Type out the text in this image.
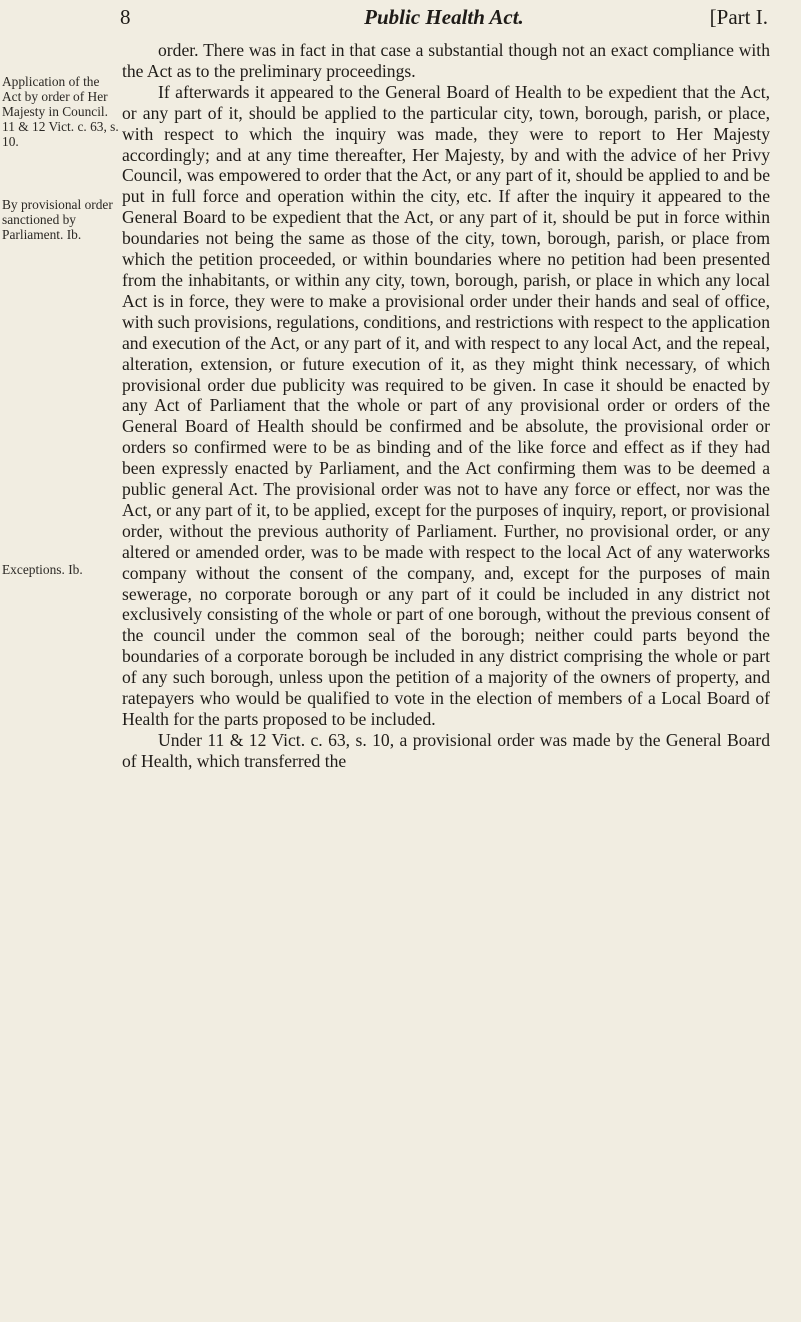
8	Public Health Act.	[Part I.
Application of the Act by order of Her Majesty in Council. 11 & 12 Vict. c. 63, s. 10.
By provisional order sanctioned by Parliament. Ib.
Exceptions. Ib.

order. There was in fact in that case a substantial though not an exact compliance with the Act as to the preliminary proceedings.

If afterwards it appeared to the General Board of Health to be expedient that the Act, or any part of it, should be applied to the particular city, town, borough, parish, or place, with respect to which the inquiry was made, they were to report to Her Majesty accordingly; and at any time thereafter, Her Majesty, by and with the advice of her Privy Council, was empowered to order that the Act, or any part of it, should be applied to and be put in full force and operation within the city, etc. If after the inquiry it appeared to the General Board to be expedient that the Act, or any part of it, should be put in force within boundaries not being the same as those of the city, town, borough, parish, or place from which the petition proceeded, or within boundaries where no petition had been presented from the inhabitants, or within any city, town, borough, parish, or place in which any local Act is in force, they were to make a provisional order under their hands and seal of office, with such provisions, regulations, conditions, and restrictions with respect to the application and execution of the Act, or any part of it, and with respect to any local Act, and the repeal, alteration, extension, or future execution of it, as they might think necessary, of which provisional order due publicity was required to be given. In case it should be enacted by any Act of Parliament that the whole or part of any provisional order or orders of the General Board of Health should be confirmed and be absolute, the provisional order or orders so confirmed were to be as binding and of the like force and effect as if they had been expressly enacted by Parliament, and the Act confirming them was to be deemed a public general Act. The provisional order was not to have any force or effect, nor was the Act, or any part of it, to be applied, except for the purposes of inquiry, report, or provisional order, without the previous authority of Parliament. Further, no provisional order, or any altered or amended order, was to be made with respect to the local Act of any waterworks company without the consent of the company, and, except for the purposes of main sewerage, no corporate borough or any part of it could be included in any district not exclusively consisting of the whole or part of one borough, without the previous consent of the council under the common seal of the borough; neither could parts beyond the boundaries of a corporate borough be included in any district comprising the whole or part of any such borough, unless upon the petition of a majority of the owners of property, and ratepayers who would be qualified to vote in the election of members of a Local Board of Health for the parts proposed to be included.

Under 11 & 12 Vict. c. 63, s. 10, a provisional order was made by the General Board of Health, which transferred the
